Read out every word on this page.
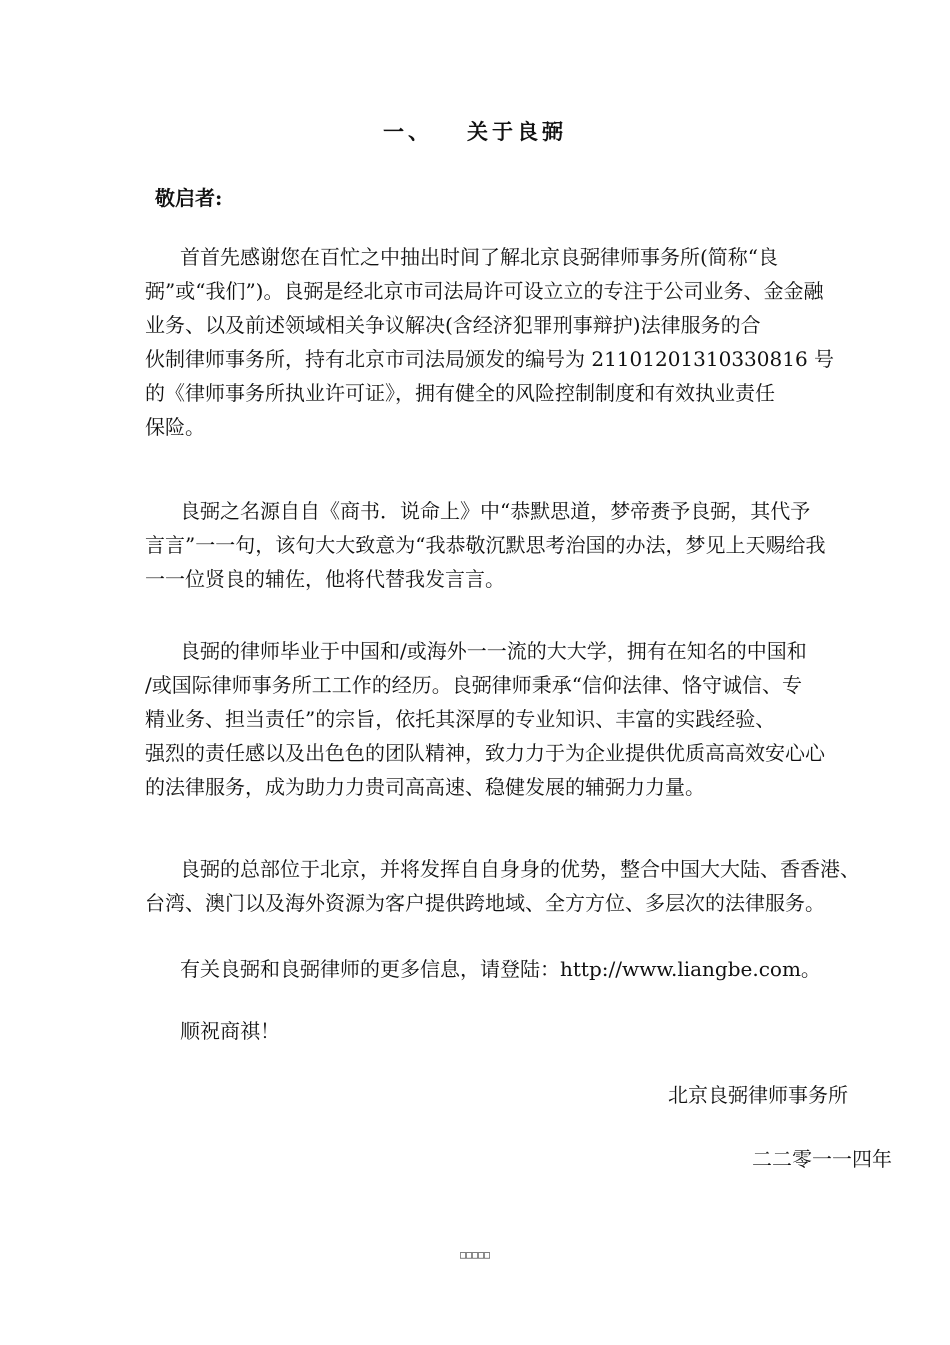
一、 关于良弼
敬启者:
首首先感谢您在百忙之中抽出时间了解北京良弼律师事务所(简称“良
弼”或“我们”)。良弼是经北京市司法局许可设立立的专注于公司业务、金金融
业务、以及前述领域相关争议解决(含经济犯罪刑事辩护)法律服务的合
伙制律师事务所，持有北京市司法局颁发的编号为 21101201310330816 号
的《律师事务所执业许可证》，拥有健全的风险控制制度和有效执业责任
保险。
良弼之名源自自《商书．说命上》中“恭默思道，梦帝赉予良弼，其代予
言言”一一句，该句大大致意为“我恭敬沉默思考治国的办法，梦见上天赐给我
一一位贤良的辅佐，他将代替我发言言。
良弼的律师毕业于中国和/或海外一一流的大大学，拥有在知名的中国和
/或国际律师事务所工工作的经历。良弼律师秉承“信仰法律、恪守诚信、专
精业务、担当责任”的宗旨，依托其深厚的专业知识、丰富的实践经验、
强烈的责任感以及出色色的团队精神，致力力于为企业提供优质高高效安心心
的法律服务，成为助力力贵司高高速、稳健发展的辅弼力力量。
良弼的总部位于北京，并将发挥自自身身的优势，整合中国大大陆、香香港、
台湾、澳门以及海外资源为客户提供跨地域、全方方位、多层次的法律服务。
有关良弼和良弼律师的更多信息，请登陆：http://www.liangbe.com。
顺祝商祺！
北京良弼律师事务所
二二零一一四年
□□□□□
